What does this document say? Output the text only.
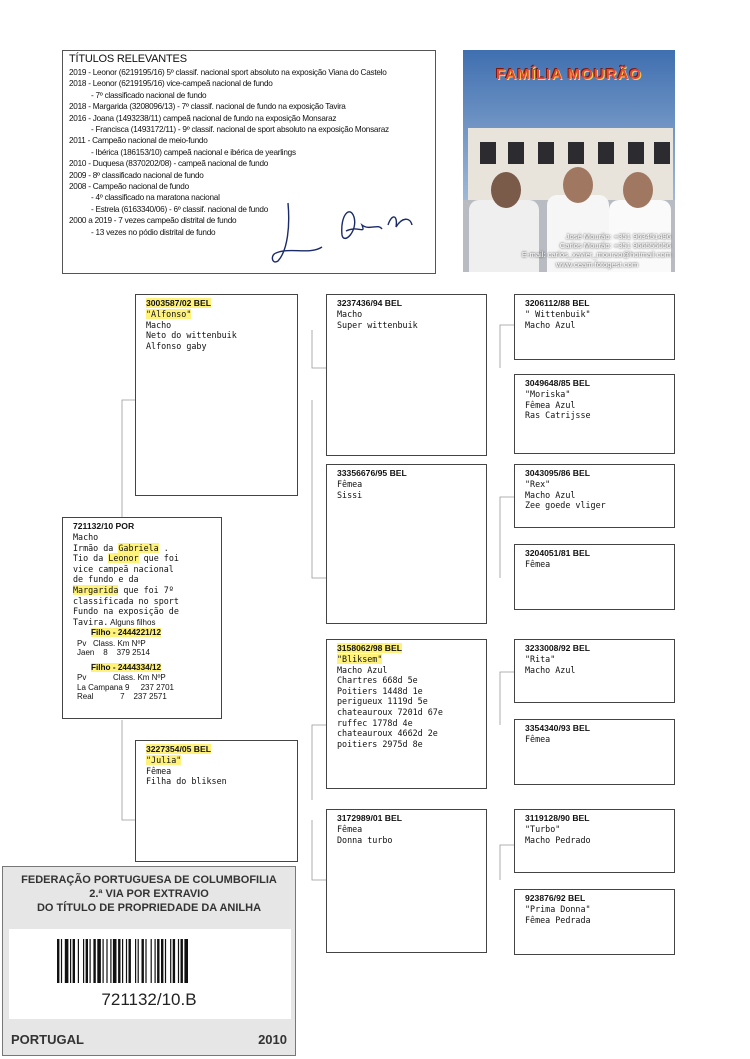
TÍTULOS RELEVANTES
2019 - Leonor (6219195/16) 5º classif. nacional sport absoluto na exposição Viana do Castelo
2018 - Leonor (6219195/16) vice-campeã nacional de fundo
- 7º classificado nacional de fundo
2018 - Margarida (3208096/13) - 7º classif. nacional de fundo na exposição Tavira
2016 - Joana (1493238/11) campeã nacional de fundo na exposição Monsaraz
- Francisca (1493172/11) - 9º classif. nacional de sport absoluto na exposição Monsaraz
2011 - Campeão nacional de meio-fundo
- Ibérica (186153/10) campeã nacional e ibérica de yearlings
2010 - Duquesa (8370202/08) - campeã nacional de fundo
2009 - 8º classificado nacional de fundo
2008 - Campeão nacional de fundo
- 4º classificado na maratona nacional
- Estrela (6163340/06) - 6º classif. nacional de fundo
2000 a 2019 - 7 vezes campeão distrital de fundo
- 13 vezes no pódio distrital de fundo
FAMÍLIA MOURÃO
José Mourão: +351 963451496
Carlos Mourão: +351 966555056
E-mail: carlos_xavier_mourao@hotmail.com
www.ceam.fotogest.com
721132/10 POR
Macho
Irmão da Gabriela .
Tio da Leonor que foi
vice campeã nacional
de fundo e da
Margarida que foi 7º
classificada no sport
Fundo na exposição de
Tavira. Alguns filhos
Filho - 2444221/12
Pv   Class. Km NºP
Jaen    8    379 2514
Filho - 2444334/12
Pv            Class. Km NºP
La Campana 9     237 2701
Real            7    237 2571
3003587/02 BEL
"Alfonso"
Macho
Neto do wittenbuik
Alfonso gaby
3227354/05 BEL
"Julia"
Fêmea
Filha do bliksen
3237436/94 BEL
Macho
Super wittenbuik
33356676/95 BEL
Fêmea
Sissi
3158062/98 BEL
"Bliksem"
Macho Azul
Chartres 668d 5e
Poitiers 1448d 1e
perigueux 1119d 5e
chateauroux 7201d 67e
ruffec 1778d 4e
chateauroux 4662d 2e
poitiers 2975d 8e
3172989/01 BEL
Fêmea
Donna turbo
3206112/88 BEL
" Wittenbuik"
Macho Azul
3049648/85 BEL
"Moriska"
Fêmea Azul
Ras Catrijsse
3043095/86 BEL
"Rex"
Macho Azul
Zee goede vliger
3204051/81 BEL
Fêmea
3233008/92 BEL
"Rita"
Macho Azul
3354340/93 BEL
Fêmea
3119128/90 BEL
"Turbo"
Macho Pedrado
923876/92 BEL
"Prima Donna"
Fêmea Pedrada
FEDERAÇÃO PORTUGUESA DE COLUMBOFILIA
2.ª VIA POR EXTRAVIO
DO TÍTULO DE PROPRIEDADE DA ANILHA
721132/10.B
PORTUGAL	2010
